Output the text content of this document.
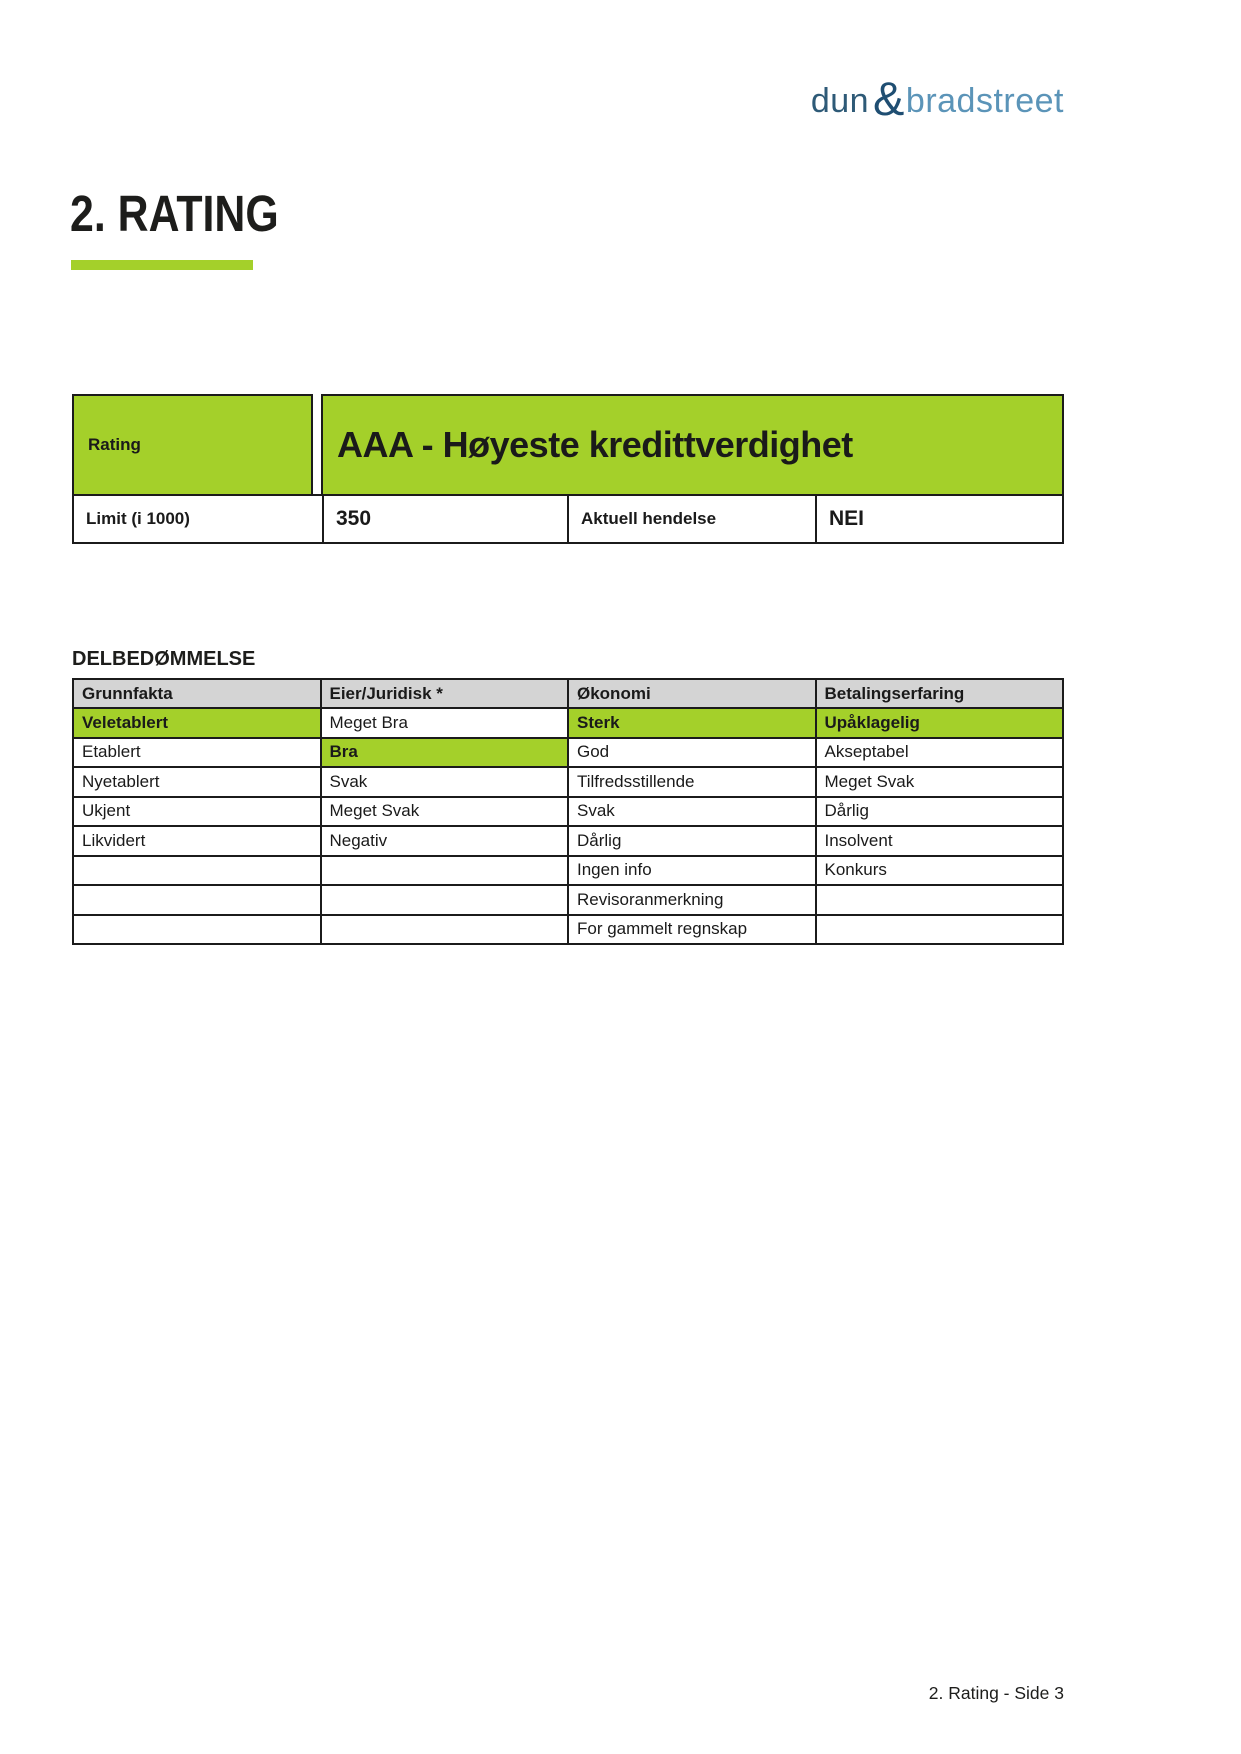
dun & bradstreet
2. RATING
Rating	AAA - Høyeste kredittverdighet
Limit (i 1000)	350	Aktuell hendelse	NEI
DELBEDØMMELSE
Grunnfakta	Eier/Juridisk *	Økonomi	Betalingserfaring
Veletablert	Meget Bra	Sterk	Upåklagelig
Etablert	Bra	God	Akseptabel
Nyetablert	Svak	Tilfredsstillende	Meget Svak
Ukjent	Meget Svak	Svak	Dårlig
Likvidert	Negativ	Dårlig	Insolvent
		Ingen info	Konkurs
		Revisoranmerkning	
		For gammelt regnskap	
2. Rating - Side 3
